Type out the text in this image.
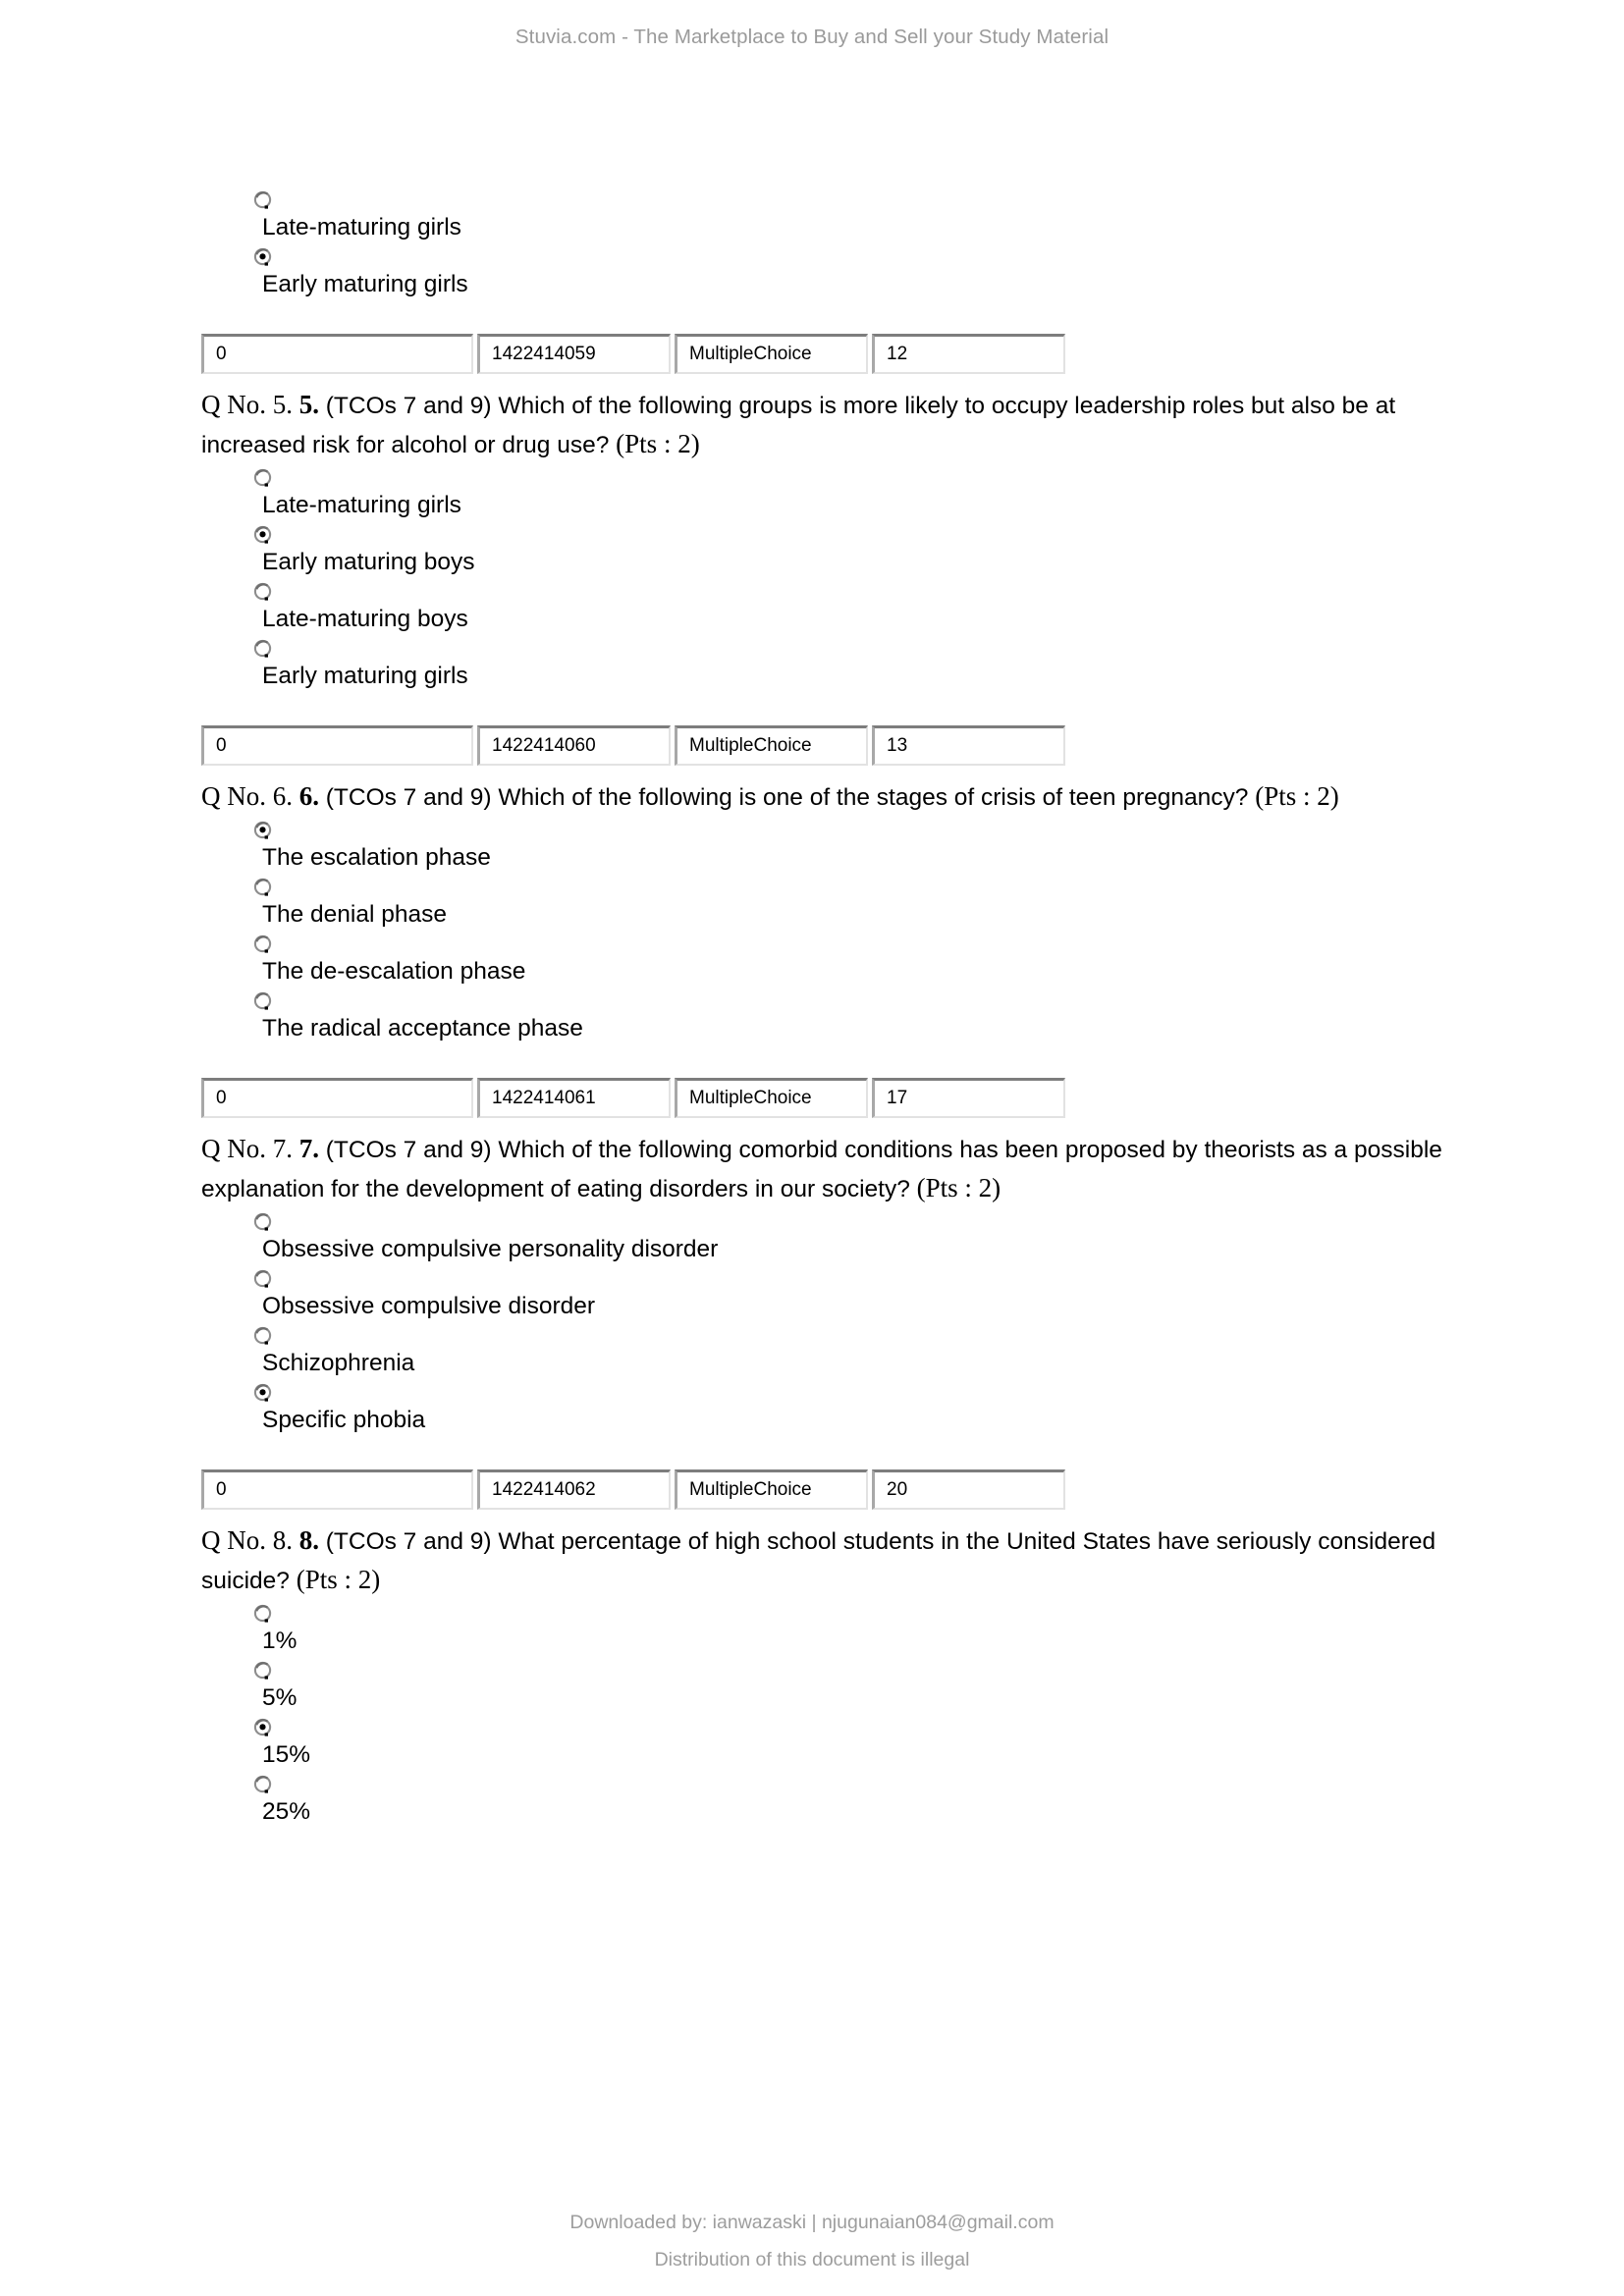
Stuvia.com - The Marketplace to Buy and Sell your Study Material
Late-maturing girls
Early maturing girls
0	1422414059	MultipleChoice	12

Q No. 5. 5. (TCOs 7 and 9) Which of the following groups is more likely to occupy leadership roles but also be at increased risk for alcohol or drug use? (Pts : 2)

Late-maturing girls
Early maturing boys
Late-maturing boys
Early maturing girls
0	1422414060	MultipleChoice	13

Q No. 6. 6. (TCOs 7 and 9) Which of the following is one of the stages of crisis of teen pregnancy? (Pts : 2)

The escalation phase
The denial phase
The de-escalation phase
The radical acceptance phase
0	1422414061	MultipleChoice	17

Q No. 7. 7. (TCOs 7 and 9) Which of the following comorbid conditions has been proposed by theorists as a possible explanation for the development of eating disorders in our society? (Pts : 2)

Obsessive compulsive personality disorder
Obsessive compulsive disorder
Schizophrenia
Specific phobia
0	1422414062	MultipleChoice	20

Q No. 8. 8. (TCOs 7 and 9) What percentage of high school students in the United States have seriously considered suicide? (Pts : 2)

1%
5%
15%
25%
Downloaded by: ianwazaski | njugunaian084@gmail.com
Distribution of this document is illegal
